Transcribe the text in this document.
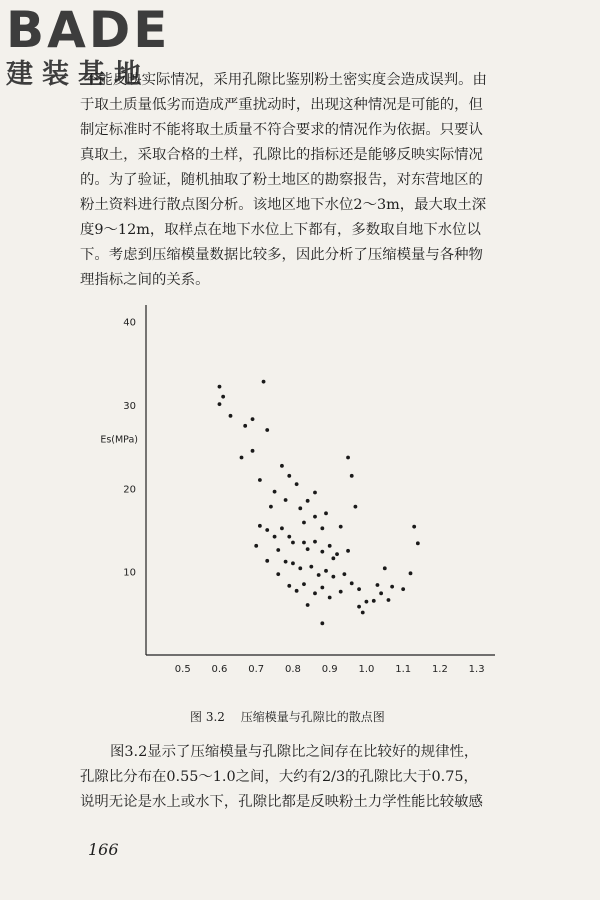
BADE
建装基地
不能反映实际情况，采用孔隙比鉴别粉土密实度会造成误判。由
于取土质量低劣而造成严重扰动时，出现这种情况是可能的，但
制定标准时不能将取土质量不符合要求的情况作为依据。只要认
真取土，采取合格的土样，孔隙比的指标还是能够反映实际情况
的。为了验证，随机抽取了粉土地区的勘察报告，对东营地区的
粉土资料进行散点图分析。该地区地下水位2～3m，最大取土深
度9～12m，取样点在地下水位上下都有，多数取自地下水位以
下。考虑到压缩模量数据比较多，因此分析了压缩模量与各种物
理指标之间的关系。
0.5 0.6 0.7 0.8 0.9 1.0 1.1 1.2 1.3
10
20
30
40
Es(MPa)
图 3.2 压缩模量与孔隙比的散点图
图3.2显示了压缩模量与孔隙比之间存在比较好的规律性，
孔隙比分布在0.55～1.0之间，大约有2/3的孔隙比大于0.75，
说明无论是水上或水下，孔隙比都是反映粉土力学性能比较敏感
166
